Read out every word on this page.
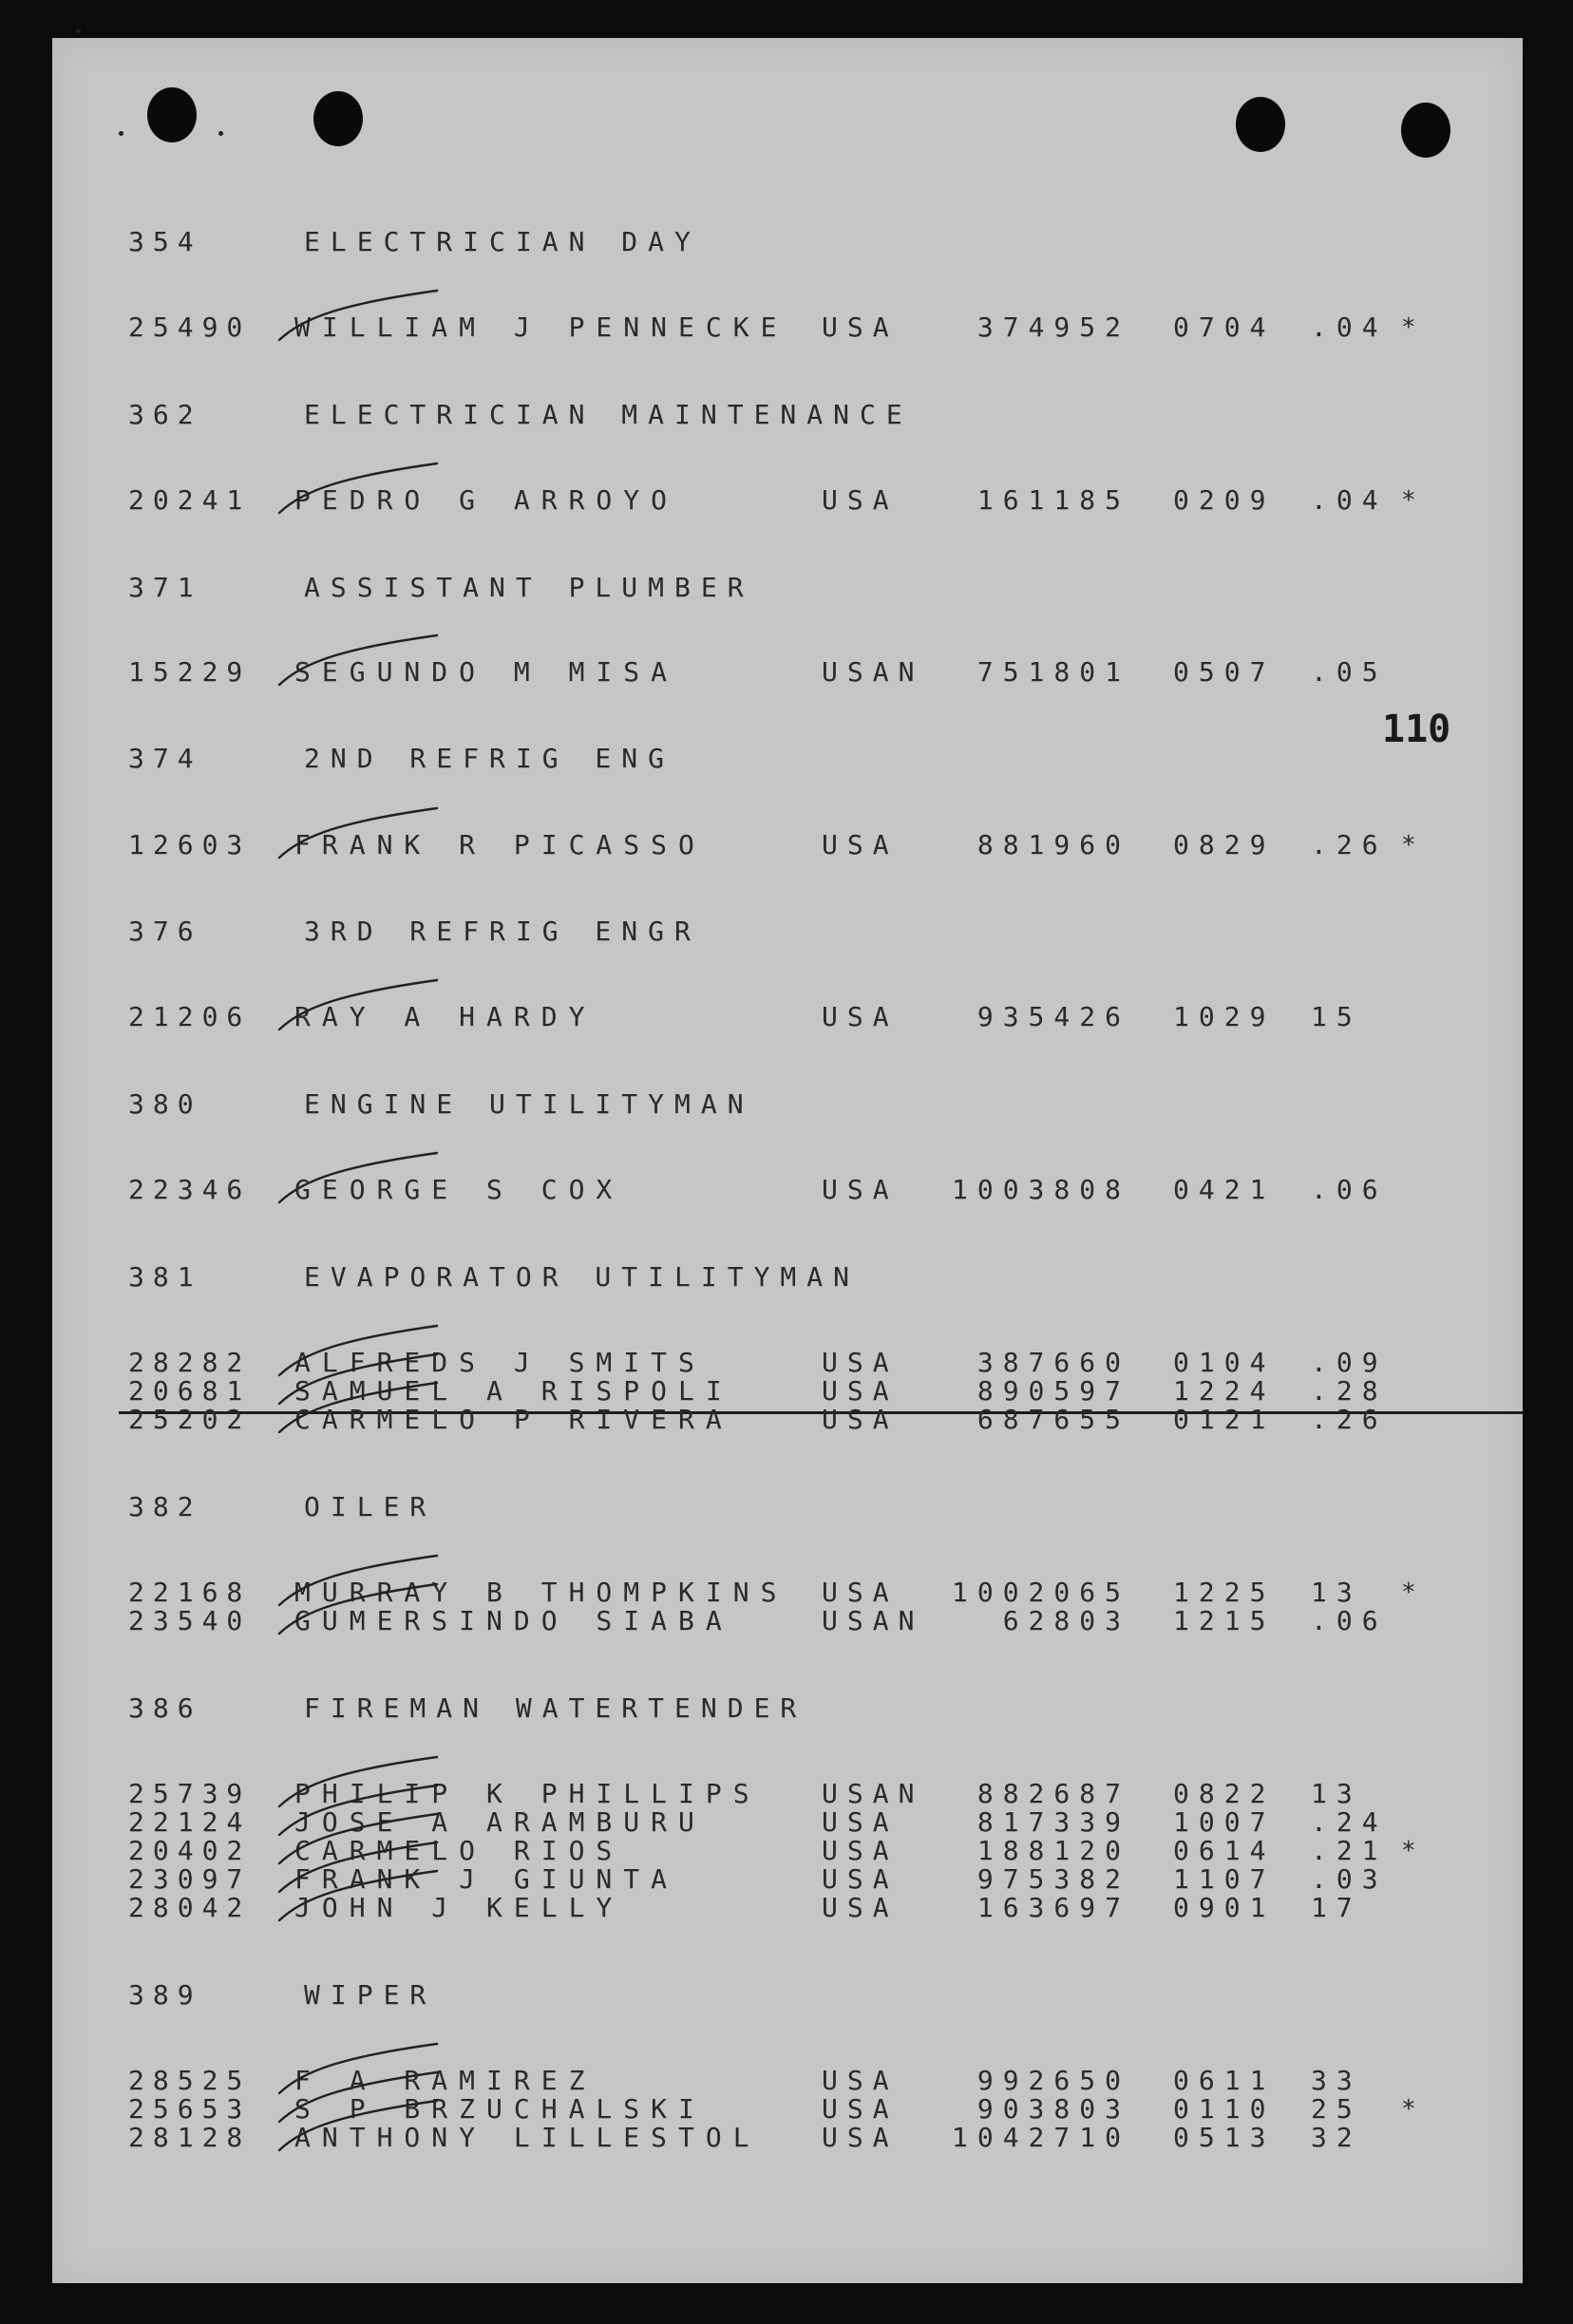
110
354	ELECTRICIAN DAY
25490 WILLIAM J PENNECKE USA	374952 0704 .04 *
362	ELECTRICIAN MAINTENANCE
20241 PEDRO G ARROYO	USA	161185 0209 .04 *
371	ASSISTANT PLUMBER
15229 SEGUNDO M MISA	USAN 751801 0507 .05
374	2ND REFRIG ENG
12603 FRANK R PICASSO	USA	881960 0829 .26 *
376	3RD REFRIG ENGR
21206 RAY A HARDY	USA	935426 1029 15
380	ENGINE UTILITYMAN
22346 GEORGE S COX	USA 1003808 0421 .06
381	EVAPORATOR UTILITYMAN
28282 ALFREDS J SMITS	USA	387660 0104 .09
20681 SAMUEL A RISPOLI	USA	890597 1224 .28
25202 CARMELO P RIVERA	USA	687655 0121 .26
382	OILER
22168 MURRAY B THOMPKINS USA 1002065 1225 13 *
23540 GUMERSINDO SIABA	USAN	62803 1215 .06
386	FIREMAN WATERTENDER
25739 PHILIP K PHILLIPS USAN 882687 0822 13
22124 JOSE A ARAMBURU	USA	817339 1007 .24
20402 CARMELO RIOS	USA	188120 0614 .21 *
23097 FRANK J GIUNTA	USA	975382 1107 .03
28042 JOHN J KELLY	USA	163697 0901 17
389	WIPER
28525 F A RAMIREZ	USA	992650 0611 33
25653 S P BRZUCHALSKI	USA	903803 0110 25 *
28128 ANTHONY LILLESTOL USA 1042710 0513 32
